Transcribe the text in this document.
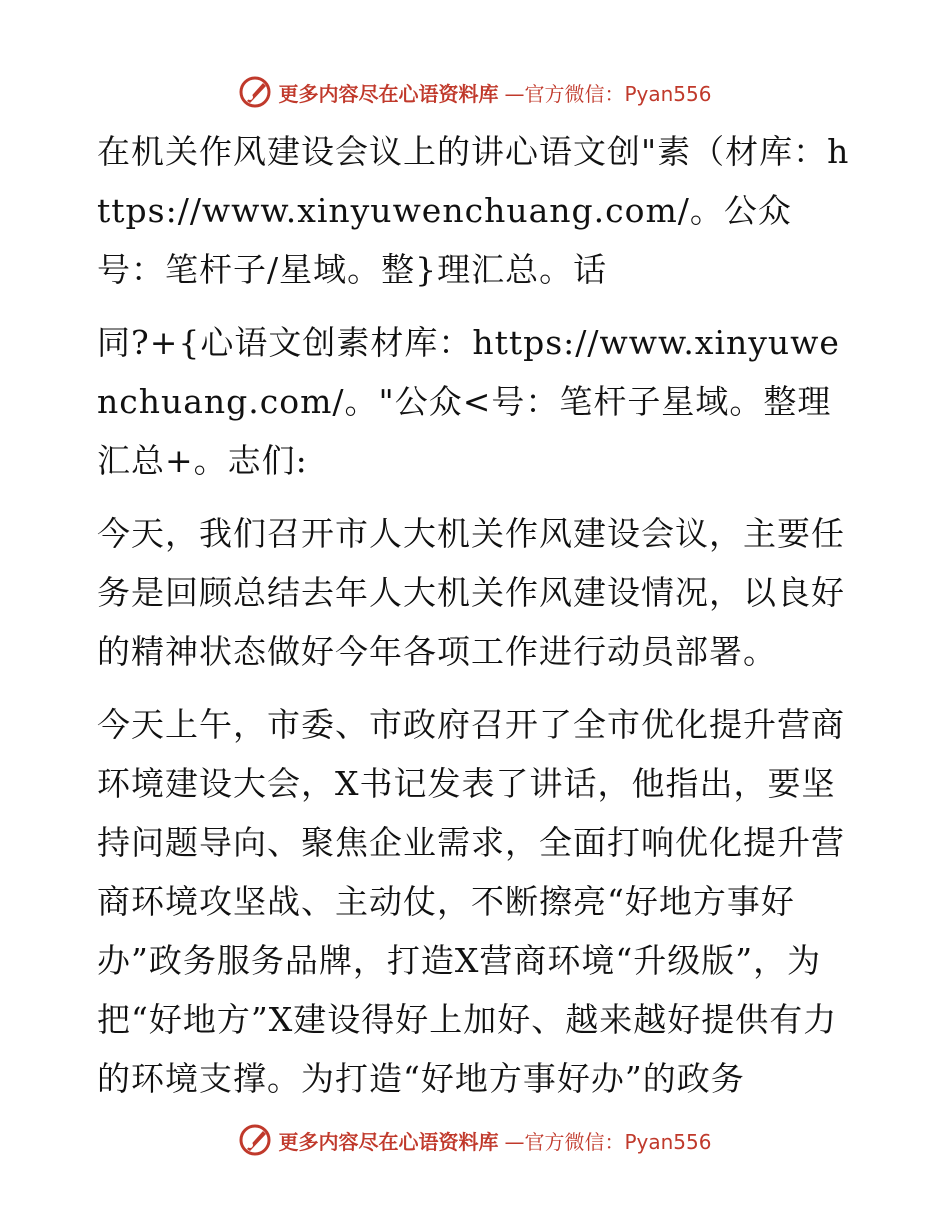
更多内容尽在心语资料库 —官方微信：Pyan556

在机关作风建设会议上的讲心语文创"素（材库：https://www.xinyuwenchuang.com/。公众号：笔杆子/星域。整}理汇总。话

同?+{心语文创素材库：https://www.xinyuwenchuang.com/。"公众<号：笔杆子星域。整理汇总+。志们:

今天，我们召开市人大机关作风建设会议，主要任务是回顾总结去年人大机关作风建设情况，以良好的精神状态做好今年各项工作进行动员部署。

今天上午，市委、市政府召开了全市优化提升营商环境建设大会，X书记发表了讲话，他指出，要坚持问题导向、聚焦企业需求，全面打响优化提升营商环境攻坚战、主动仗，不断擦亮“好地方事好办”政务服务品牌，打造X营商环境“升级版”，为把“好地方”X建设得好上加好、越来越好提供有力的环境支撑。为打造“好地方事好办”的政务

更多内容尽在心语资料库 —官方微信：Pyan556
